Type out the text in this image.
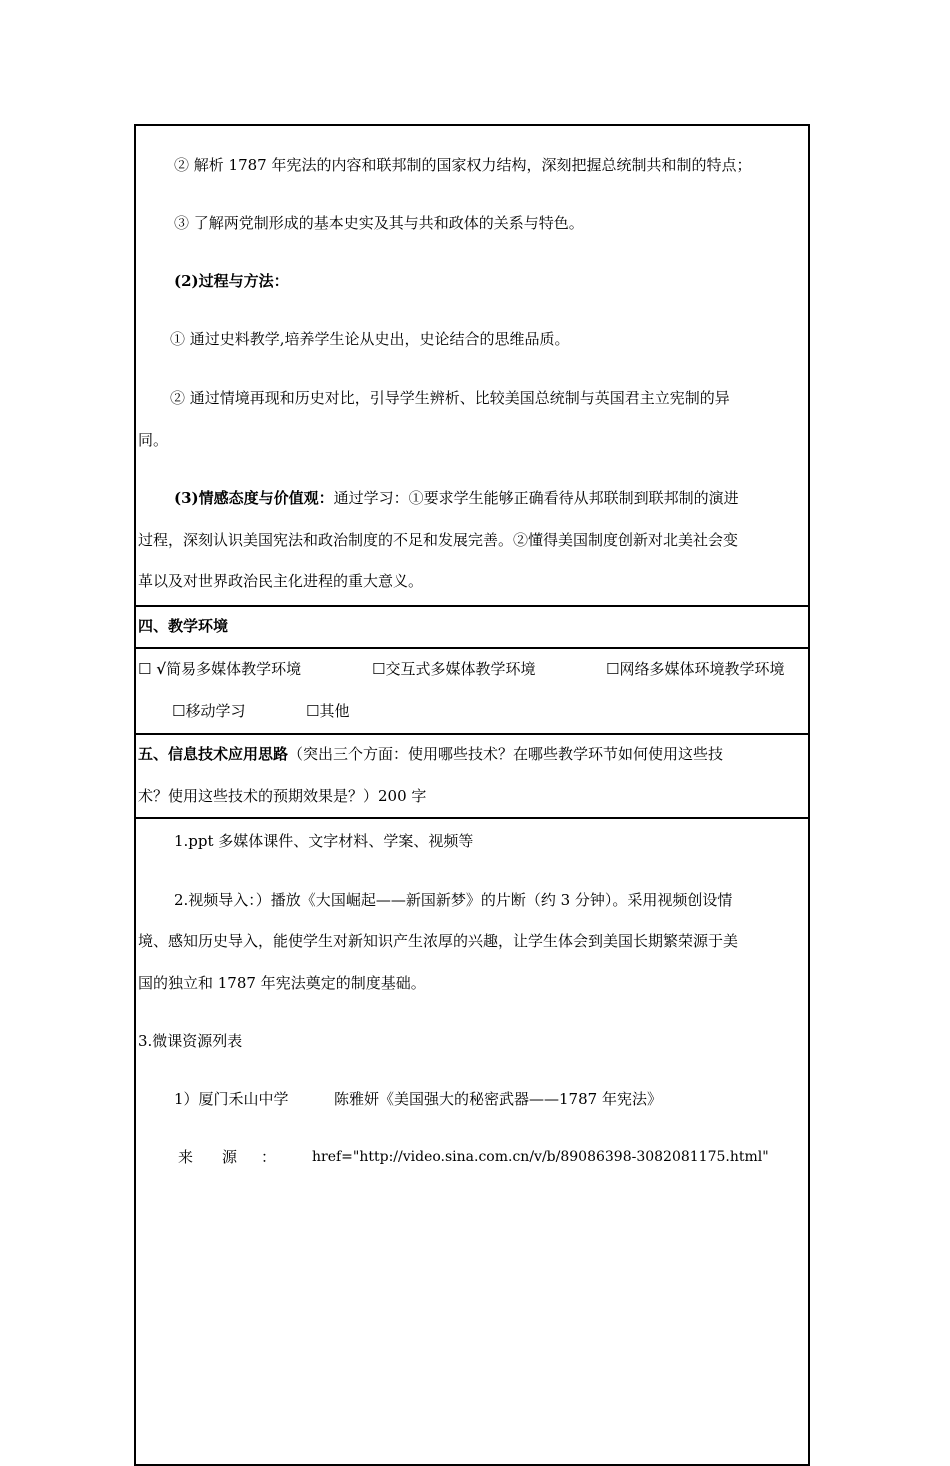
② 解析 1787 年宪法的内容和联邦制的国家权力结构，深刻把握总统制共和制的特点；
③ 了解两党制形成的基本史实及其与共和政体的关系与特色。
(2)过程与方法：
① 通过史料教学,培养学生论从史出，史论结合的思维品质。
② 通过情境再现和历史对比，引导学生辨析、比较美国总统制与英国君主立宪制的异
同。
(3)情感态度与价值观：通过学习：①要求学生能够正确看待从邦联制到联邦制的演进
过程，深刻认识美国宪法和政治制度的不足和发展完善。②懂得美国制度创新对北美社会变
革以及对世界政治民主化进程的重大意义。
四、教学环境
☐ √简易多媒体教学环境	☐交互式多媒体教学环境	☐网络多媒体环境教学环境
☐移动学习	☐其他
五、信息技术应用思路（突出三个方面：使用哪些技术？在哪些教学环节如何使用这些技
术？使用这些技术的预期效果是？）200 字
1.ppt 多媒体课件、文字材料、学案、视频等
2.视频导入：）播放《大国崛起——新国新梦》的片断（约 3 分钟）。采用视频创设情
境、感知历史导入，能使学生对新知识产生浓厚的兴趣，让学生体会到美国长期繁荣源于美
国的独立和 1787 年宪法奠定的制度基础。
3.微课资源列表
1）厦门禾山中学	陈雅妍《美国强大的秘密武器——1787 年宪法》
来 源 ：	href="http://video.sina.com.cn/v/b/89086398-3082081175.html"
